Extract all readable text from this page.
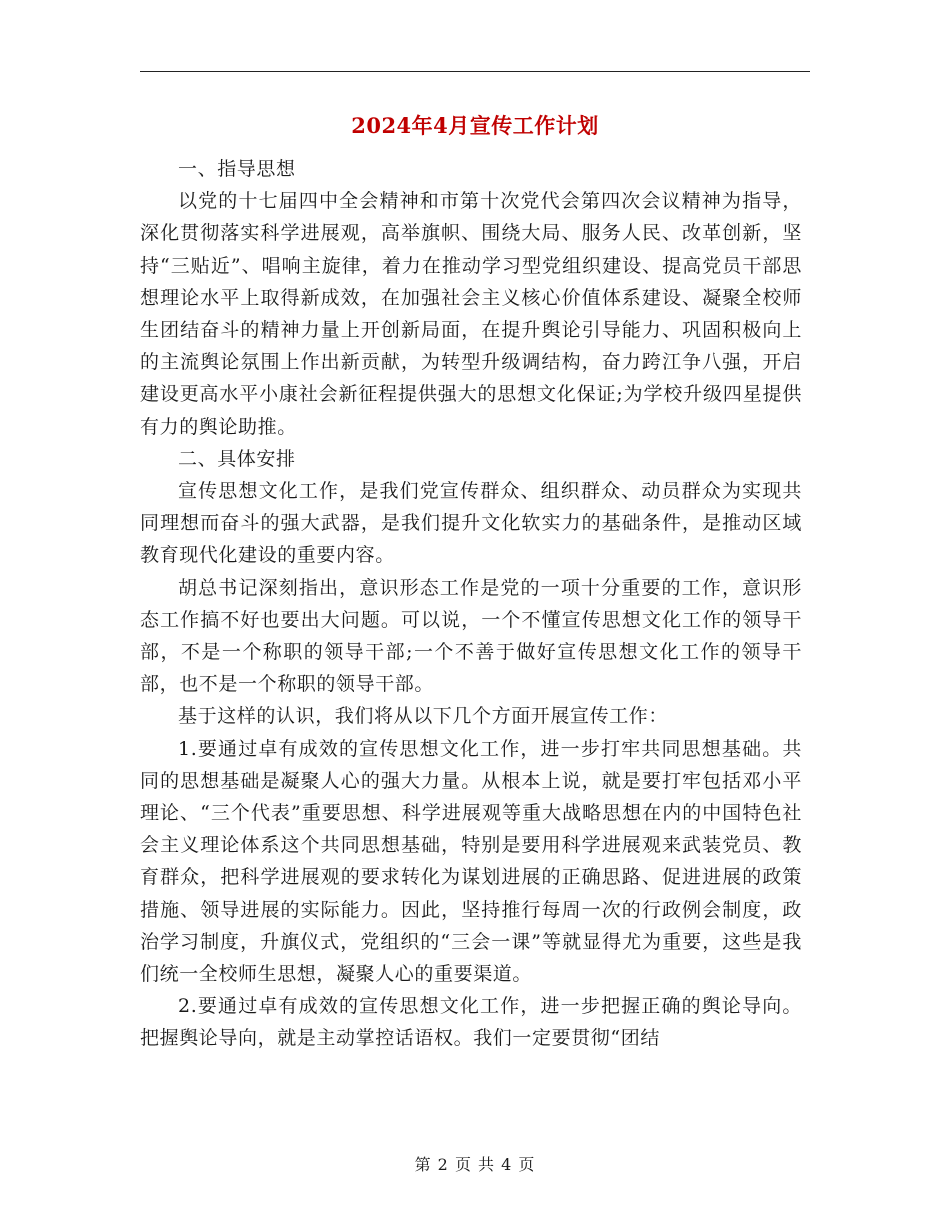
2024年4月宣传工作计划

一、指导思想

以党的十七届四中全会精神和市第十次党代会第四次会议精神为指导，深化贯彻落实科学进展观，高举旗帜、围绕大局、服务人民、改革创新，坚持“三贴近”、唱响主旋律，着力在推动学习型党组织建设、提高党员干部思想理论水平上取得新成效，在加强社会主义核心价值体系建设、凝聚全校师生团结奋斗的精神力量上开创新局面，在提升舆论引导能力、巩固积极向上的主流舆论氛围上作出新贡献，为转型升级调结构，奋力跨江争八强，开启建设更高水平小康社会新征程提供强大的思想文化保证;为学校升级四星提供有力的舆论助推。

二、具体安排

宣传思想文化工作，是我们党宣传群众、组织群众、动员群众为实现共同理想而奋斗的强大武器，是我们提升文化软实力的基础条件，是推动区域教育现代化建设的重要内容。

胡总书记深刻指出，意识形态工作是党的一项十分重要的工作，意识形态工作搞不好也要出大问题。可以说，一个不懂宣传思想文化工作的领导干部，不是一个称职的领导干部;一个不善于做好宣传思想文化工作的领导干部，也不是一个称职的领导干部。

基于这样的认识，我们将从以下几个方面开展宣传工作：

1.要通过卓有成效的宣传思想文化工作，进一步打牢共同思想基础。共同的思想基础是凝聚人心的强大力量。从根本上说，就是要打牢包括邓小平理论、“三个代表”重要思想、科学进展观等重大战略思想在内的中国特色社会主义理论体系这个共同思想基础，特别是要用科学进展观来武装党员、教育群众，把科学进展观的要求转化为谋划进展的正确思路、促进进展的政策措施、领导进展的实际能力。因此，坚持推行每周一次的行政例会制度，政治学习制度，升旗仪式，党组织的“三会一课”等就显得尤为重要，这些是我们统一全校师生思想，凝聚人心的重要渠道。

2.要通过卓有成效的宣传思想文化工作，进一步把握正确的舆论导向。把握舆论导向，就是主动掌控话语权。我们一定要贯彻“团结

第 2 页 共 4 页
